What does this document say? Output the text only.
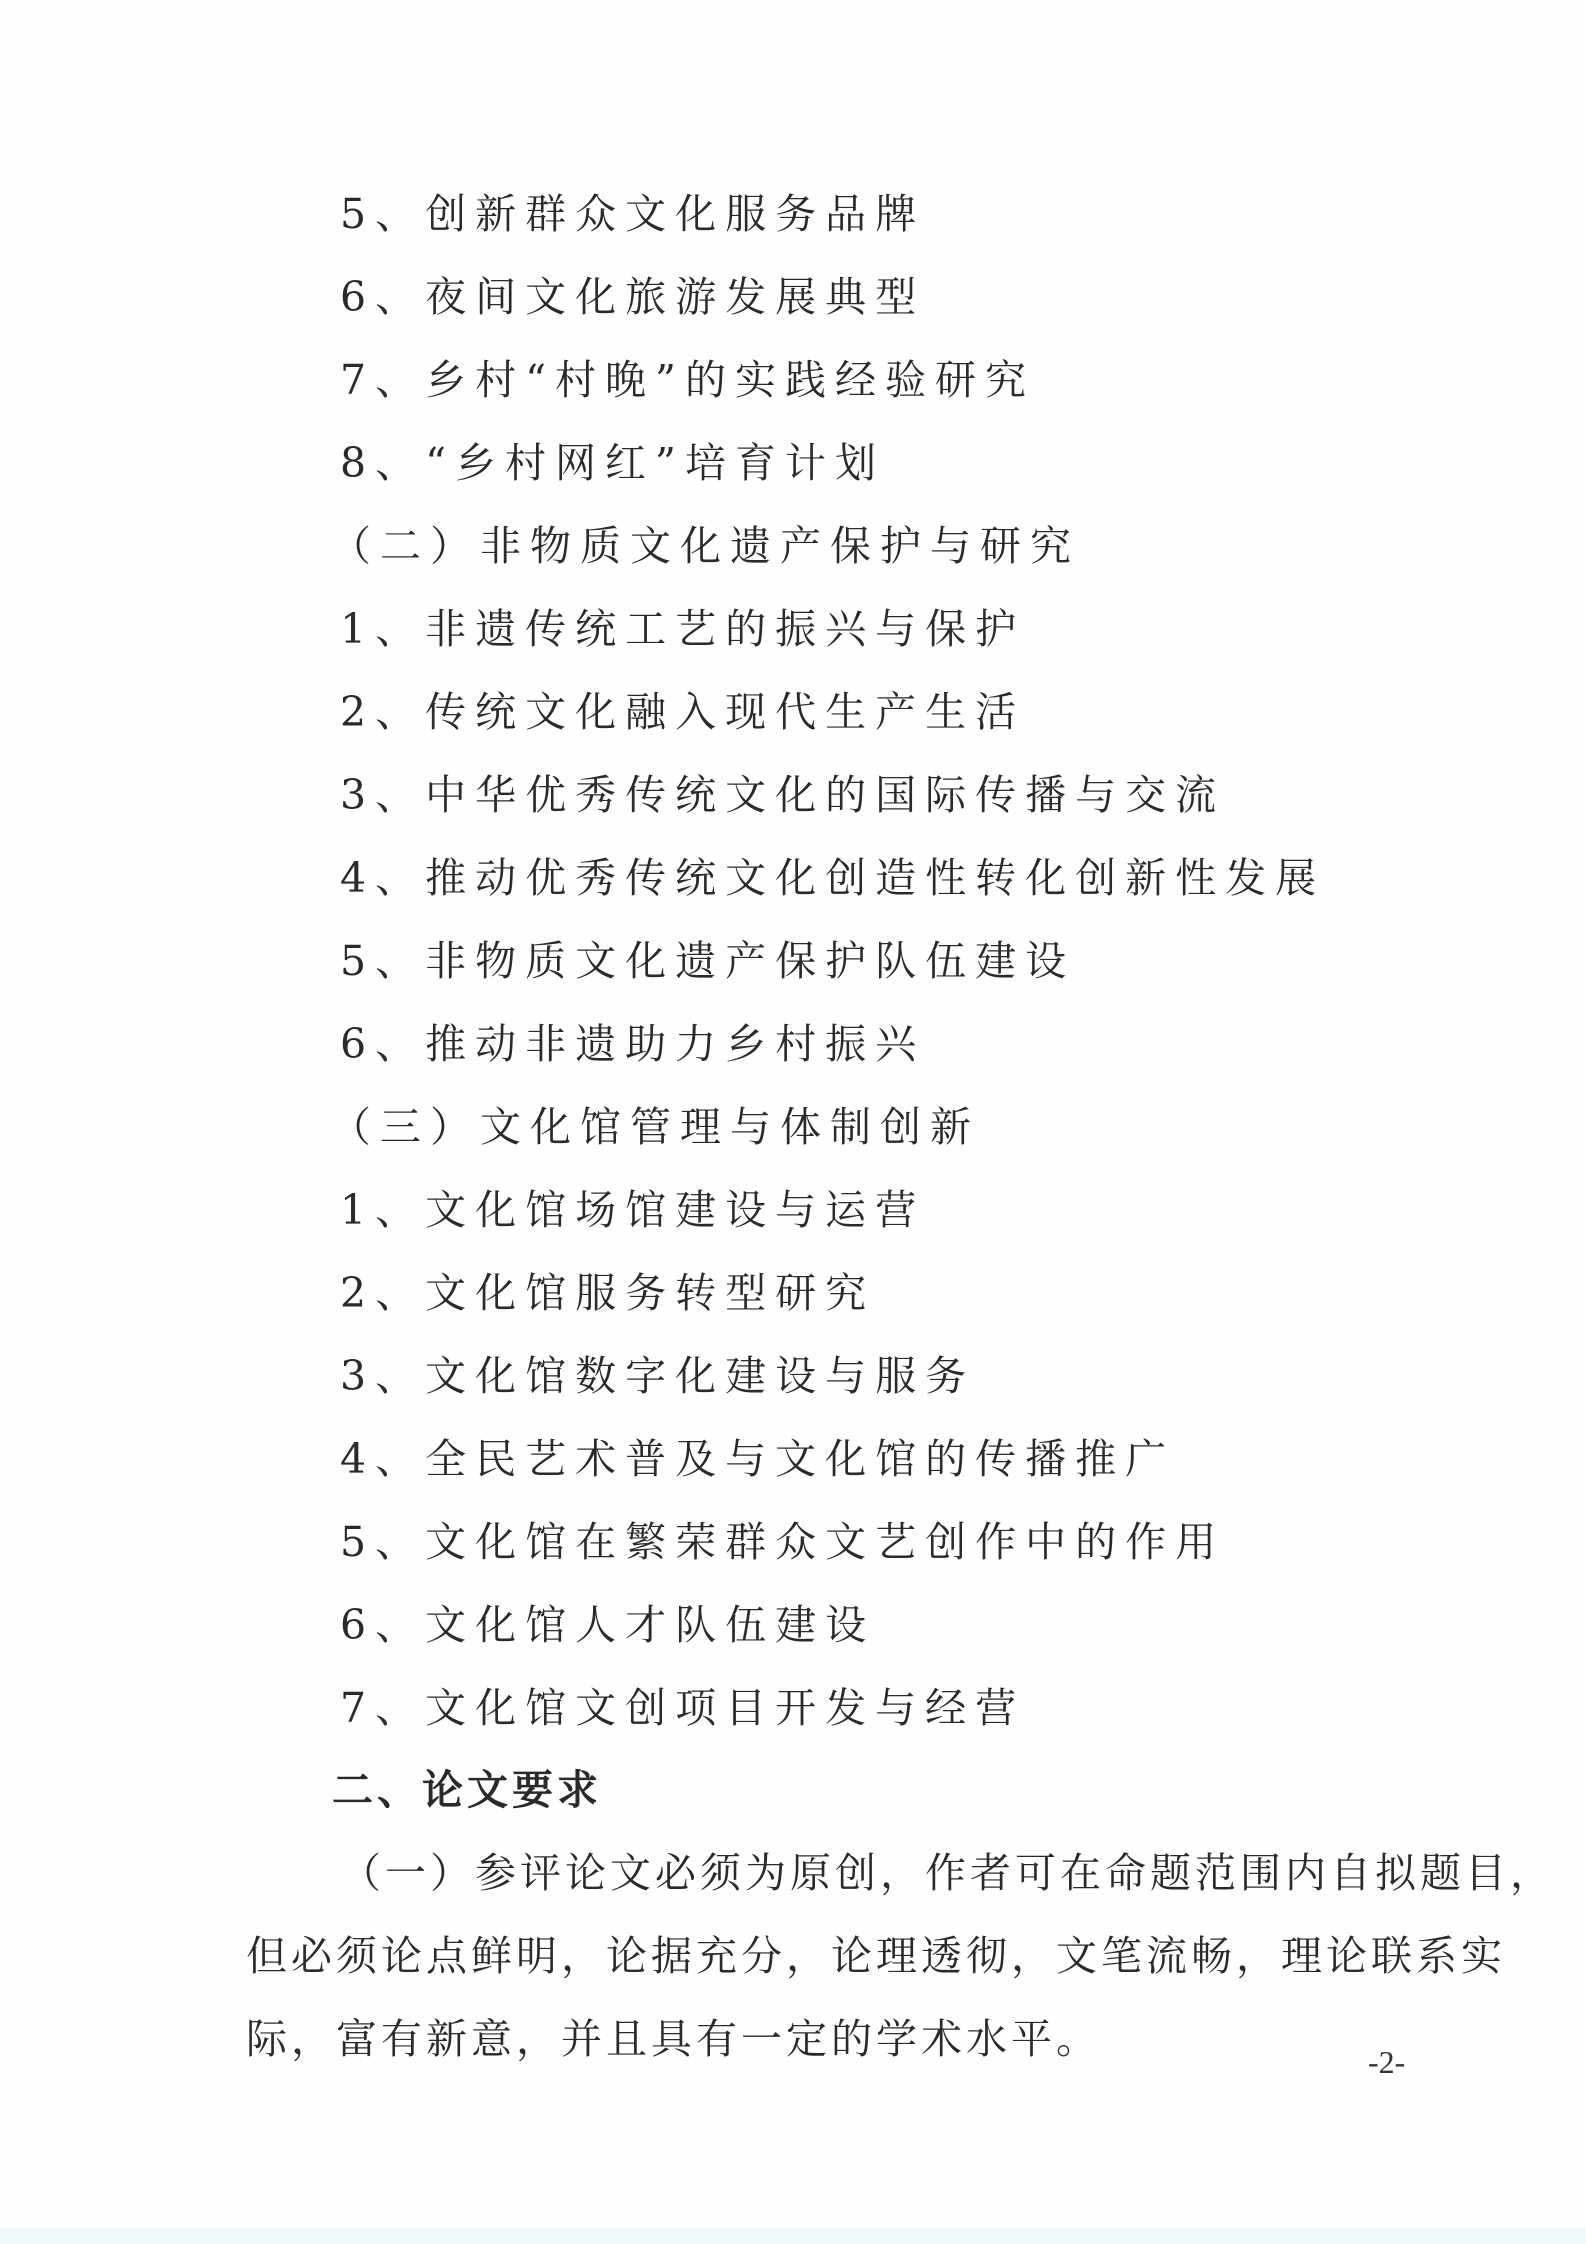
5、创新群众文化服务品牌
6、夜间文化旅游发展典型
7、乡村“村晚”的实践经验研究
8、“乡村网红”培育计划
（二）非物质文化遗产保护与研究
1、非遗传统工艺的振兴与保护
2、传统文化融入现代生产生活
3、中华优秀传统文化的国际传播与交流
4、推动优秀传统文化创造性转化创新性发展
5、非物质文化遗产保护队伍建设
6、推动非遗助力乡村振兴
（三）文化馆管理与体制创新
1、文化馆场馆建设与运营
2、文化馆服务转型研究
3、文化馆数字化建设与服务
4、全民艺术普及与文化馆的传播推广
5、文化馆在繁荣群众文艺创作中的作用
6、文化馆人才队伍建设
7、文化馆文创项目开发与经营
二、论文要求
（一）参评论文必须为原创，作者可在命题范围内自拟题目，
但必须论点鲜明，论据充分，论理透彻，文笔流畅，理论联系实
际，富有新意，并且具有一定的学术水平。	-2-
